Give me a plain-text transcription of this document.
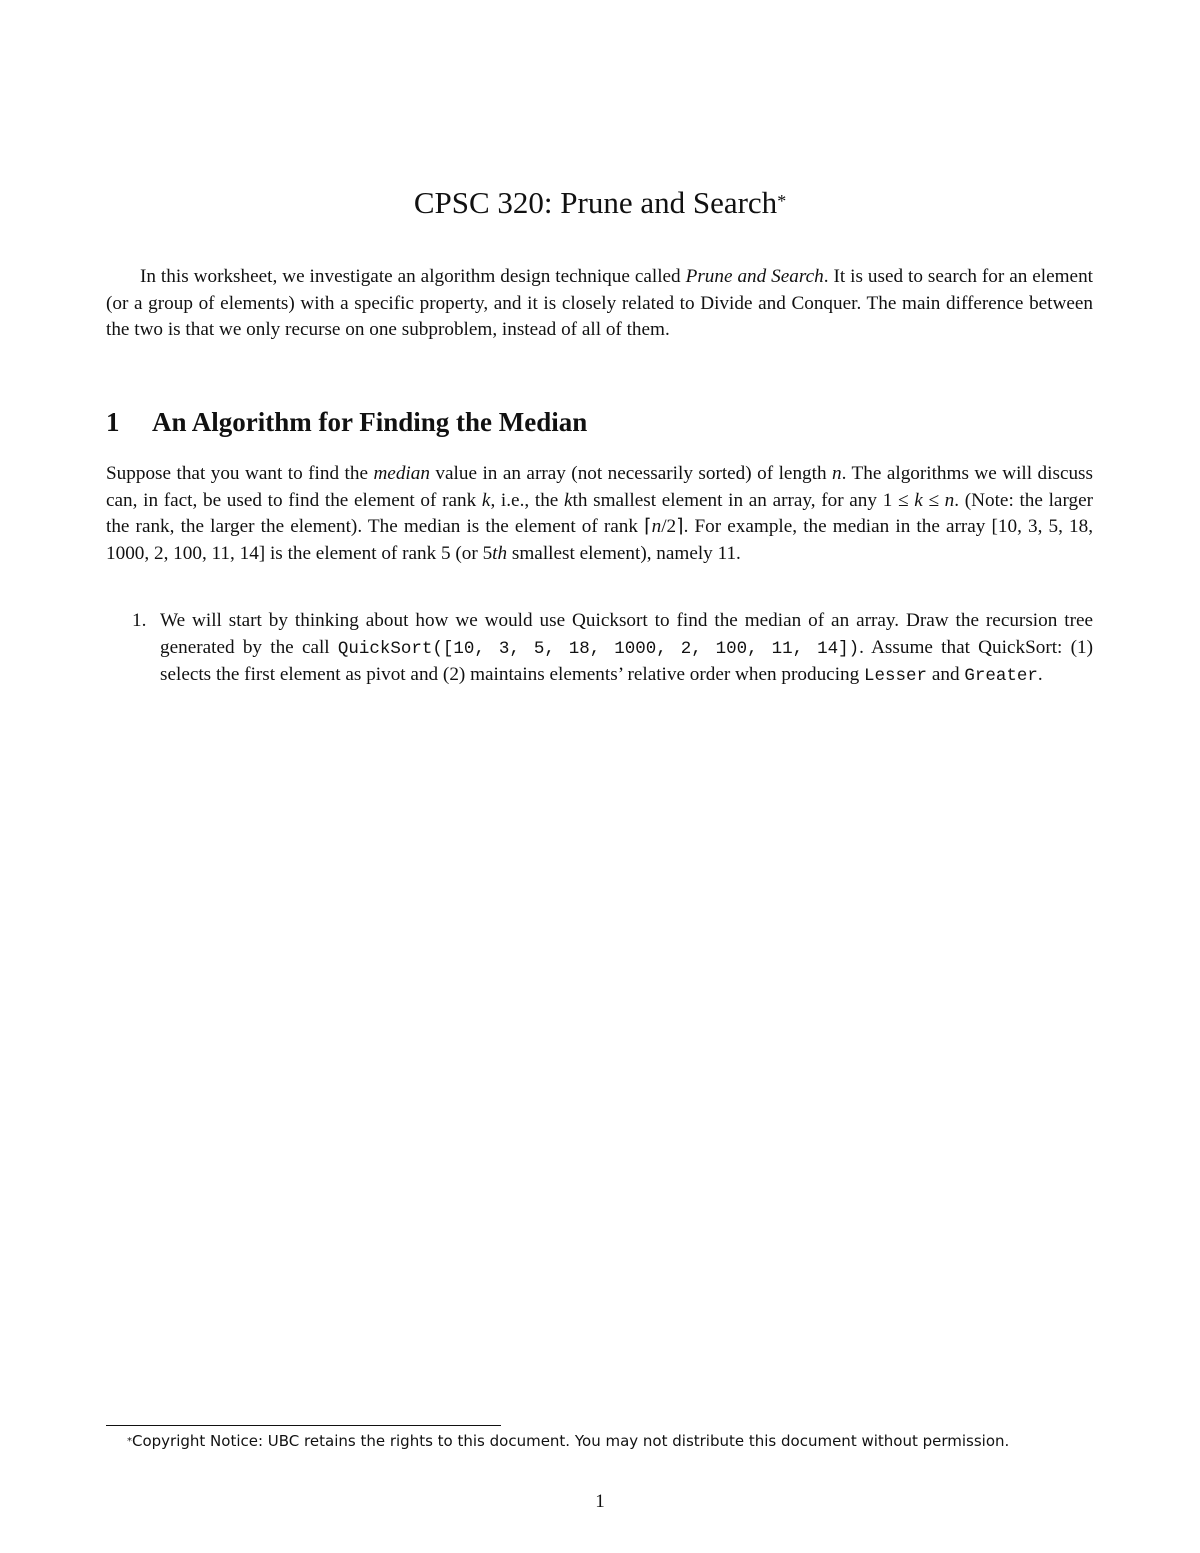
CPSC 320: Prune and Search*

In this worksheet, we investigate an algorithm design technique called Prune and Search. It is used to search for an element (or a group of elements) with a specific property, and it is closely related to Divide and Conquer. The main difference between the two is that we only recurse on one subproblem, instead of all of them.

1 An Algorithm for Finding the Median

Suppose that you want to find the median value in an array (not necessarily sorted) of length n. The algorithms we will discuss can, in fact, be used to find the element of rank k, i.e., the kth smallest element in an array, for any 1 ≤ k ≤ n. (Note: the larger the rank, the larger the element). The median is the element of rank ⌈n/2⌉. For example, the median in the array [10, 3, 5, 18, 1000, 2, 100, 11, 14] is the element of rank 5 (or 5th smallest element), namely 11.

1. We will start by thinking about how we would use Quicksort to find the median of an array. Draw the recursion tree generated by the call QuickSort([10, 3, 5, 18, 1000, 2, 100, 11, 14]). Assume that QuickSort: (1) selects the first element as pivot and (2) maintains elements’ relative order when producing Lesser and Greater.

*Copyright Notice: UBC retains the rights to this document. You may not distribute this document without permission.

1
